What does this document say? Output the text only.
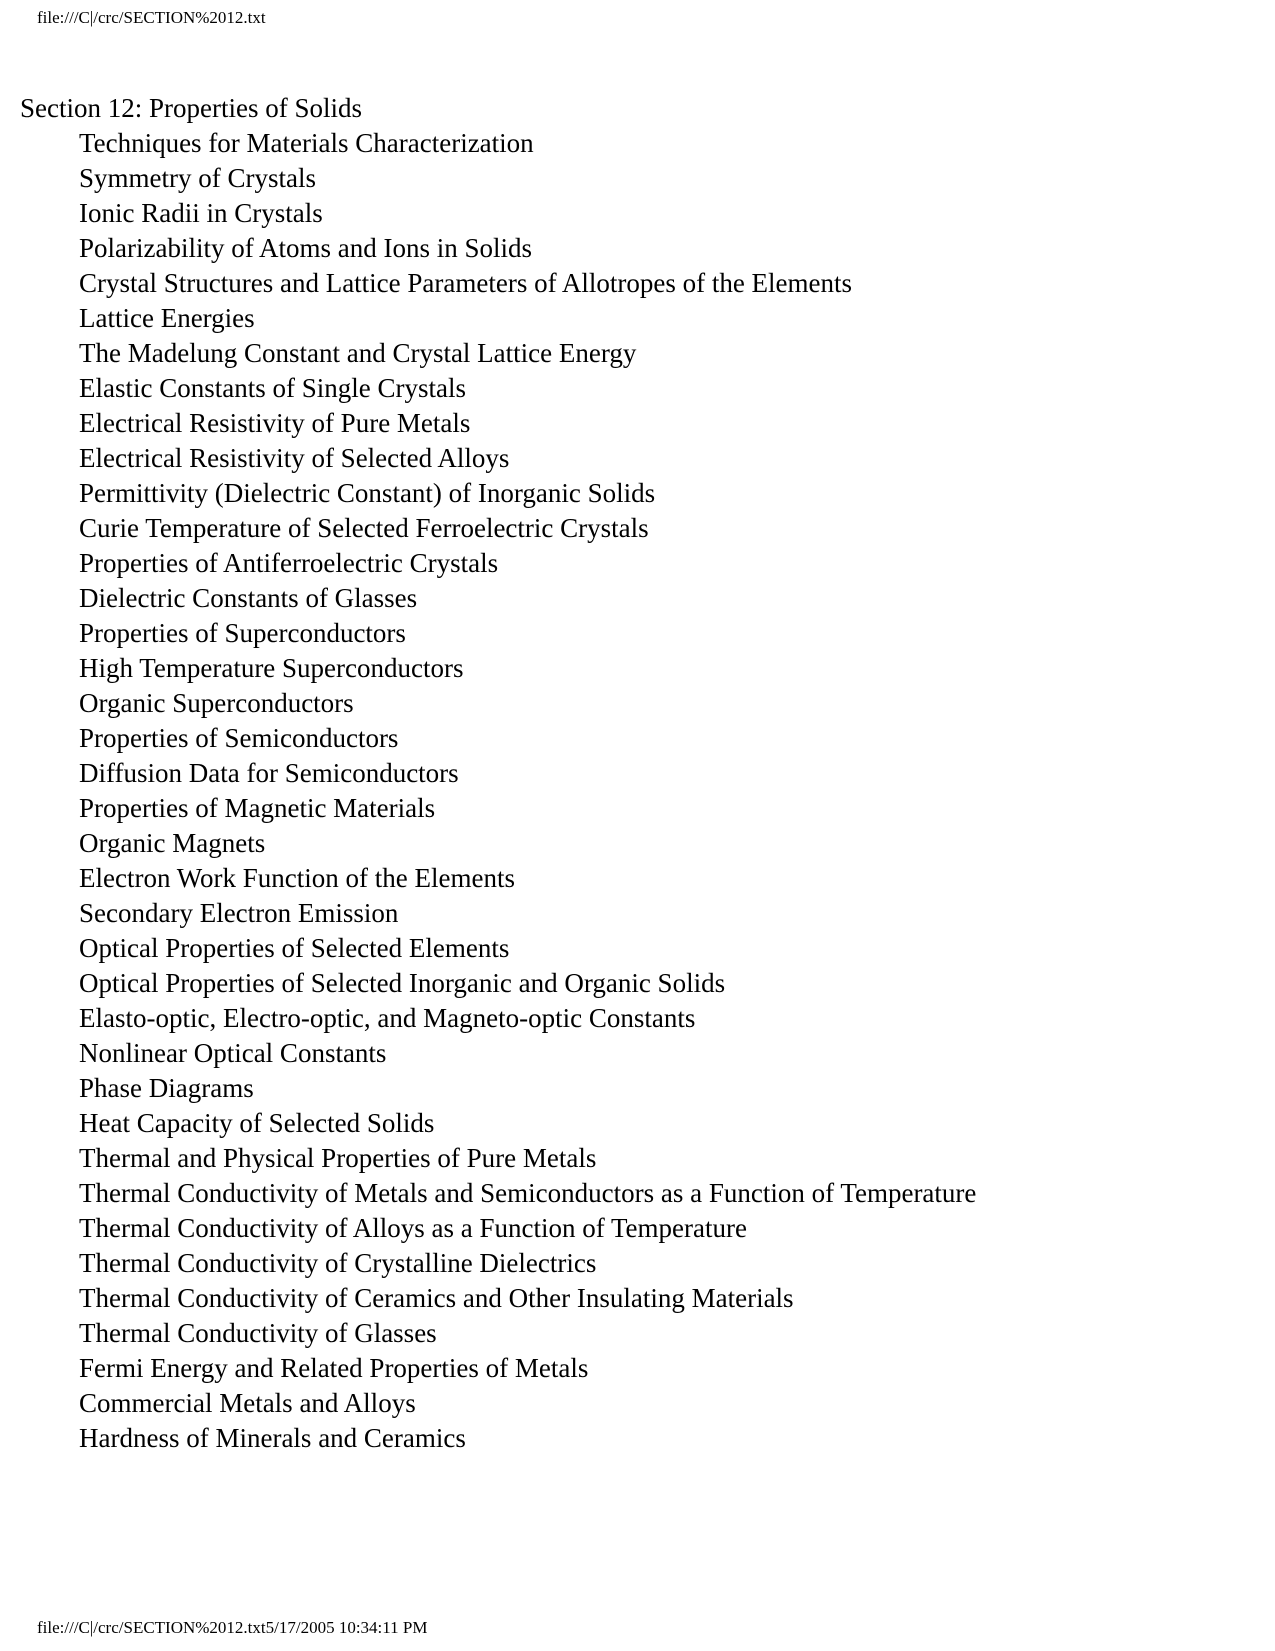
file:///C|/crc/SECTION%2012.txt
Section 12: Properties of Solids
Techniques for Materials Characterization
Symmetry of Crystals
Ionic Radii in Crystals
Polarizability of Atoms and Ions in Solids
Crystal Structures and Lattice Parameters of Allotropes of the Elements
Lattice Energies
The Madelung Constant and Crystal Lattice Energy
Elastic Constants of Single Crystals
Electrical Resistivity of Pure Metals
Electrical Resistivity of Selected Alloys
Permittivity (Dielectric Constant) of Inorganic Solids
Curie Temperature of Selected Ferroelectric Crystals
Properties of Antiferroelectric Crystals
Dielectric Constants of Glasses
Properties of Superconductors
High Temperature Superconductors
Organic Superconductors
Properties of Semiconductors
Diffusion Data for Semiconductors
Properties of Magnetic Materials
Organic Magnets
Electron Work Function of the Elements
Secondary Electron Emission
Optical Properties of Selected Elements
Optical Properties of Selected Inorganic and Organic Solids
Elasto-optic, Electro-optic, and Magneto-optic Constants
Nonlinear Optical Constants
Phase Diagrams
Heat Capacity of Selected Solids
Thermal and Physical Properties of Pure Metals
Thermal Conductivity of Metals and Semiconductors as a Function of Temperature
Thermal Conductivity of Alloys as a Function of Temperature
Thermal Conductivity of Crystalline Dielectrics
Thermal Conductivity of Ceramics and Other Insulating Materials
Thermal Conductivity of Glasses
Fermi Energy and Related Properties of Metals
Commercial Metals and Alloys
Hardness of Minerals and Ceramics
file:///C|/crc/SECTION%2012.txt5/17/2005 10:34:11 PM
